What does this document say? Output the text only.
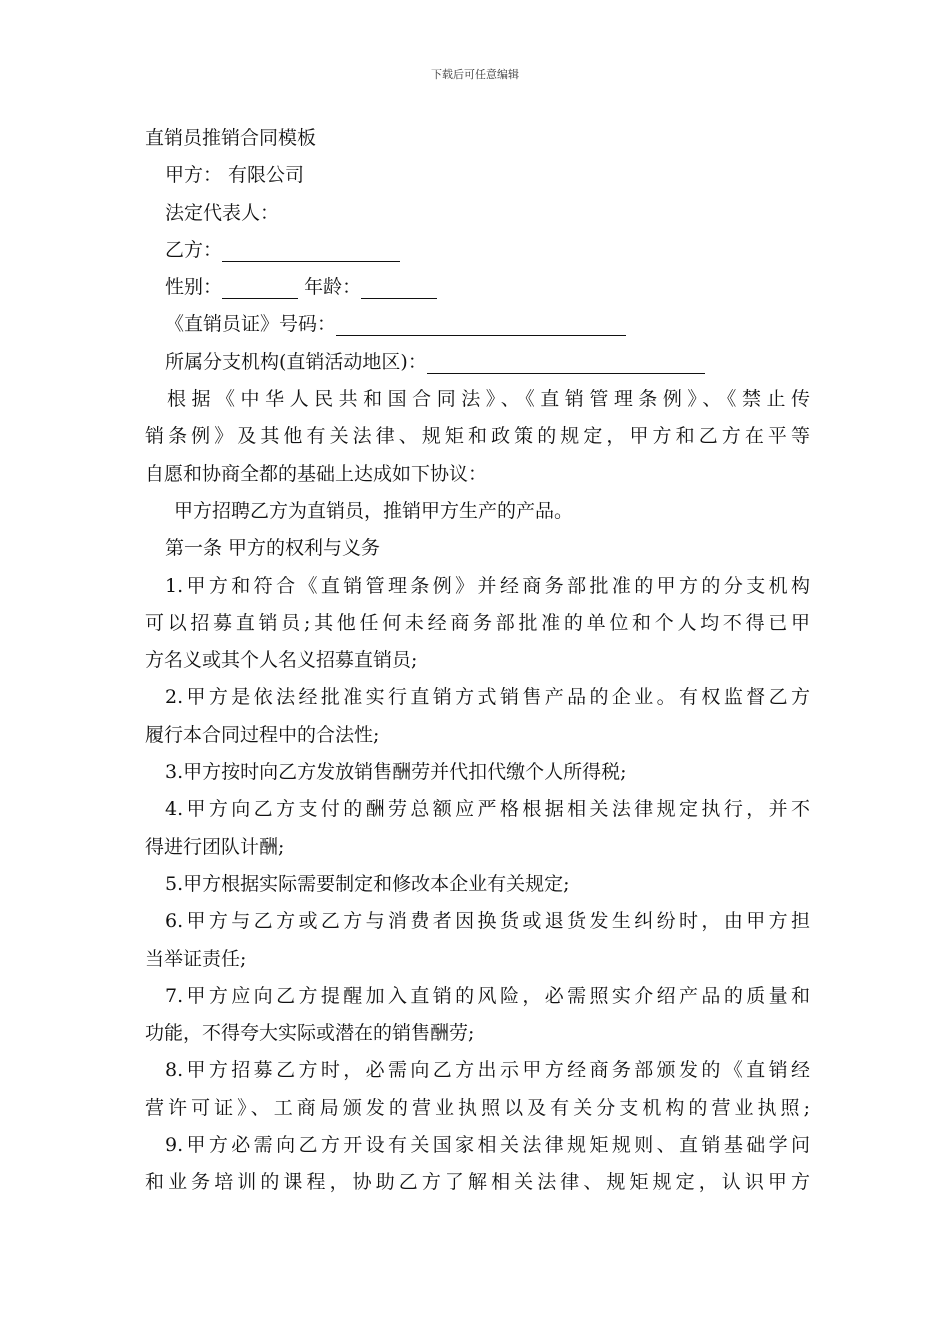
下载后可任意编辑
直销员推销合同模板
甲方： 有限公司
法定代表人：
乙方：
性别：	年龄：
《直销员证》号码：
所属分支机构(直销活动地区)：
根据《中华人民共和国合同法》、《直销管理条例》、《禁止传
销条例》及其他有关法律、规矩和政策的规定，甲方和乙方在平等
自愿和协商全都的基础上达成如下协议：
甲方招聘乙方为直销员，推销甲方生产的产品。
第一条 甲方的权利与义务
1.甲方和符合《直销管理条例》并经商务部批准的甲方的分支机构
可以招募直销员;其他任何未经商务部批准的单位和个人均不得已甲
方名义或其个人名义招募直销员;
2.甲方是依法经批准实行直销方式销售产品的企业。有权监督乙方
履行本合同过程中的合法性;
3.甲方按时向乙方发放销售酬劳并代扣代缴个人所得税;
4.甲方向乙方支付的酬劳总额应严格根据相关法律规定执行，并不
得进行团队计酬;
5.甲方根据实际需要制定和修改本企业有关规定;
6.甲方与乙方或乙方与消费者因换货或退货发生纠纷时，由甲方担
当举证责任;
7.甲方应向乙方提醒加入直销的风险，必需照实介绍产品的质量和
功能，不得夸大实际或潜在的销售酬劳;
8.甲方招募乙方时，必需向乙方出示甲方经商务部颁发的《直销经
营许可证》、工商局颁发的营业执照以及有关分支机构的营业执照;
9.甲方必需向乙方开设有关国家相关法律规矩规则、直销基础学问
和业务培训的课程，协助乙方了解相关法律、规矩规定，认识甲方
